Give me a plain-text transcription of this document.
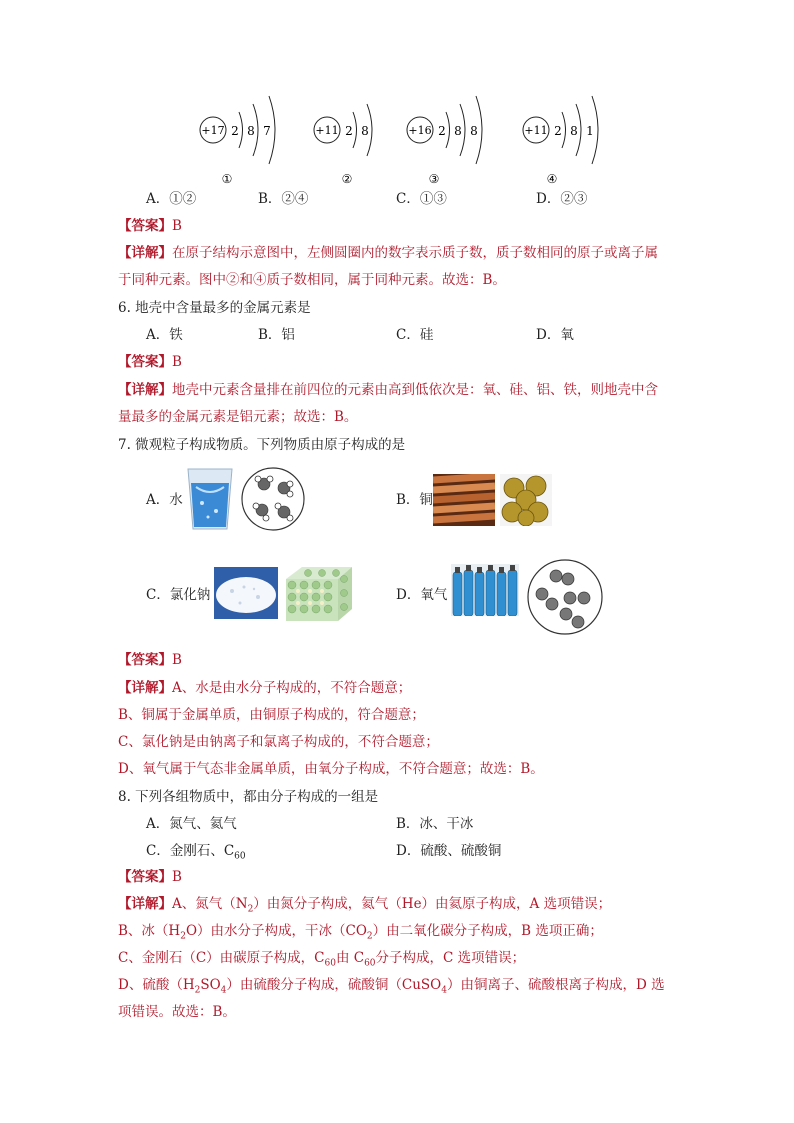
+17 2 8 7
①
+11 2 8
②
+16 2 8 8
③
+11 2 8 1
④
A．①②	B．②④	C．①③	D．②③
【答案】B
【详解】在原子结构示意图中，左侧圆圈内的数字表示质子数，质子数相同的原子或离子属
于同种元素。图中②和④质子数相同，属于同种元素。故选：B。
6. 地壳中含量最多的金属元素是
A．铁	B．铝	C．硅	D．氧
【答案】B
【详解】地壳中元素含量排在前四位的元素由高到低依次是：氧、硅、铝、铁，则地壳中含
量最多的金属元素是铝元素；故选：B。
7. 微观粒子构成物质。下列物质由原子构成的是
A．水	B．铜
C．氯化钠	D．氧气
【答案】B
【详解】A、水是由水分子构成的，不符合题意；
B、铜属于金属单质，由铜原子构成的，符合题意；
C、氯化钠是由钠离子和氯离子构成的，不符合题意；
D、氧气属于气态非金属单质，由氧分子构成，不符合题意；故选：B。
8. 下列各组物质中，都由分子构成的一组是
A．氮气、氦气	B．冰、干冰
C．金刚石、$C_{60}$	D．硫酸、硫酸铜
【答案】B
【详解】A、氮气$(N_2)$由氮分子构成，氦气（He）由氦原子构成，A 选项错误；
B、冰$(H_2O)$由水分子构成，干冰$(CO_2)$由二氧化碳分子构成，B 选项正确；
C、金刚石（C）由碳原子构成，$C_{60}$由 $C_{60}$分子构成，C 选项错误；
D、硫酸$(H_2SO_4)$由硫酸分子构成，硫酸铜（CuSO$_4$）由铜离子、硫酸根离子构成，D 选
项错误。故选：B。
